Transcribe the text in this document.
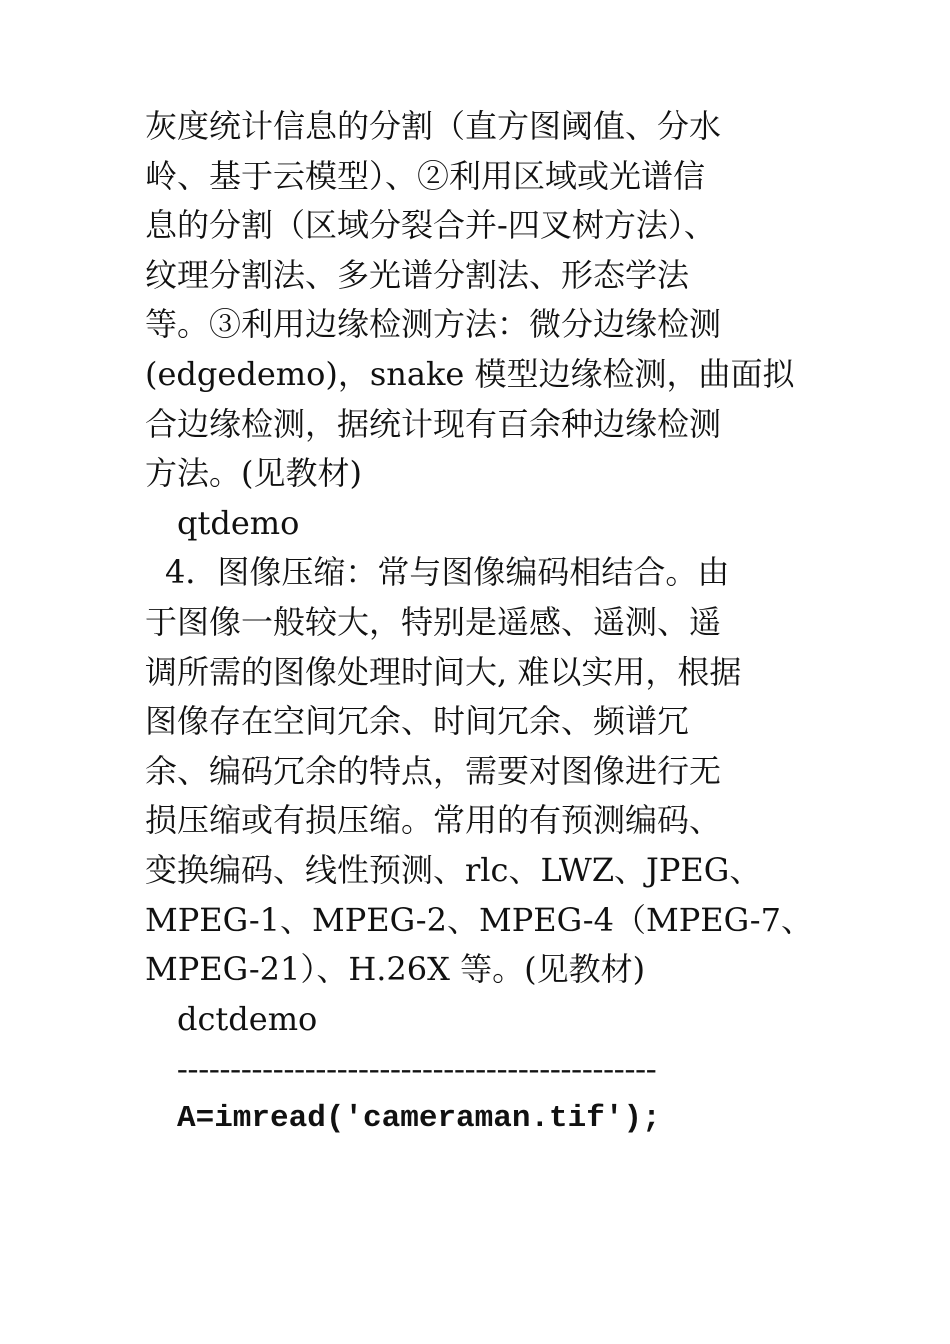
灰度统计信息的分割（直方图阈值、分水
岭、基于云模型）、②利用区域或光谱信
息的分割（区域分裂合并-四叉树方法）、
纹理分割法、多光谱分割法、形态学法
等。③利用边缘检测方法：微分边缘检测
(edgedemo)，snake 模型边缘检测，曲面拟
合边缘检测，据统计现有百余种边缘检测
方法。(见教材)
qtdemo
4．图像压缩：常与图像编码相结合。由
于图像一般较大，特别是遥感、遥测、遥
调所需的图像处理时间大, 难以实用，根据
图像存在空间冗余、时间冗余、频谱冗
余、编码冗余的特点，需要对图像进行无
损压缩或有损压缩。常用的有预测编码、
变换编码、线性预测、rlc、LWZ、JPEG、
MPEG-1、MPEG-2、MPEG-4（MPEG-7、
MPEG-21）、H.26X 等。(见教材)
dctdemo
---------------------------------------------
A=imread('cameraman.tif');
